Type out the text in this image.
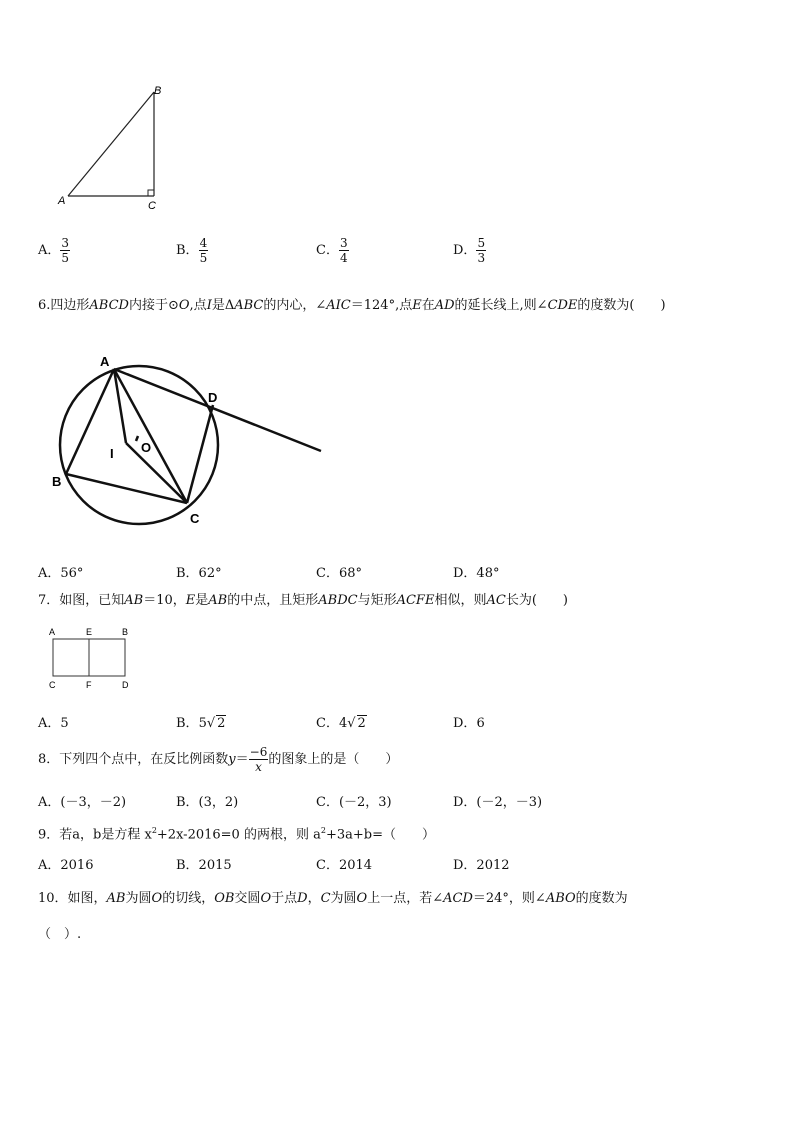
A
B
C
A． $\frac{3}{5}$	B． $\frac{4}{5}$	C． $\frac{3}{4}$	D． $\frac{5}{3}$
6.四边形ABCD内接于⊙O,点I是ΔABC的内心，∠AIC＝124°,点E在AD的延长线上,则∠CDE的度数为(　　)
A
B
C
D
I O
A．56°	B．62°	C．68°	D．48°
7．如图，已知AB＝10，E是AB的中点，且矩形ABDC与矩形ACFE相似，则AC长为(　　)
A	E	B
C	F	D
A．5	B．5√ 2	C．4√ 2	D．6
8．下列四个点中，在反比例函数$y= \frac{-6}{x}$ 的图象上的是（　　）
A．(－3，－2)	B．(3，2)	C．(－2，3)	D．(－2，－3)
9．若a，b是方程 $x^2+2x-2016=0$ 的两根，则 $a^2+3a+b=$（　　）
A．2016	B．2015	C．2014	D．2012
10．如图，AB为圆O的切线，OB交圆O于点D，C为圆O上一点，若∠ACD＝24°，则∠ABO的度数为
（　）.
